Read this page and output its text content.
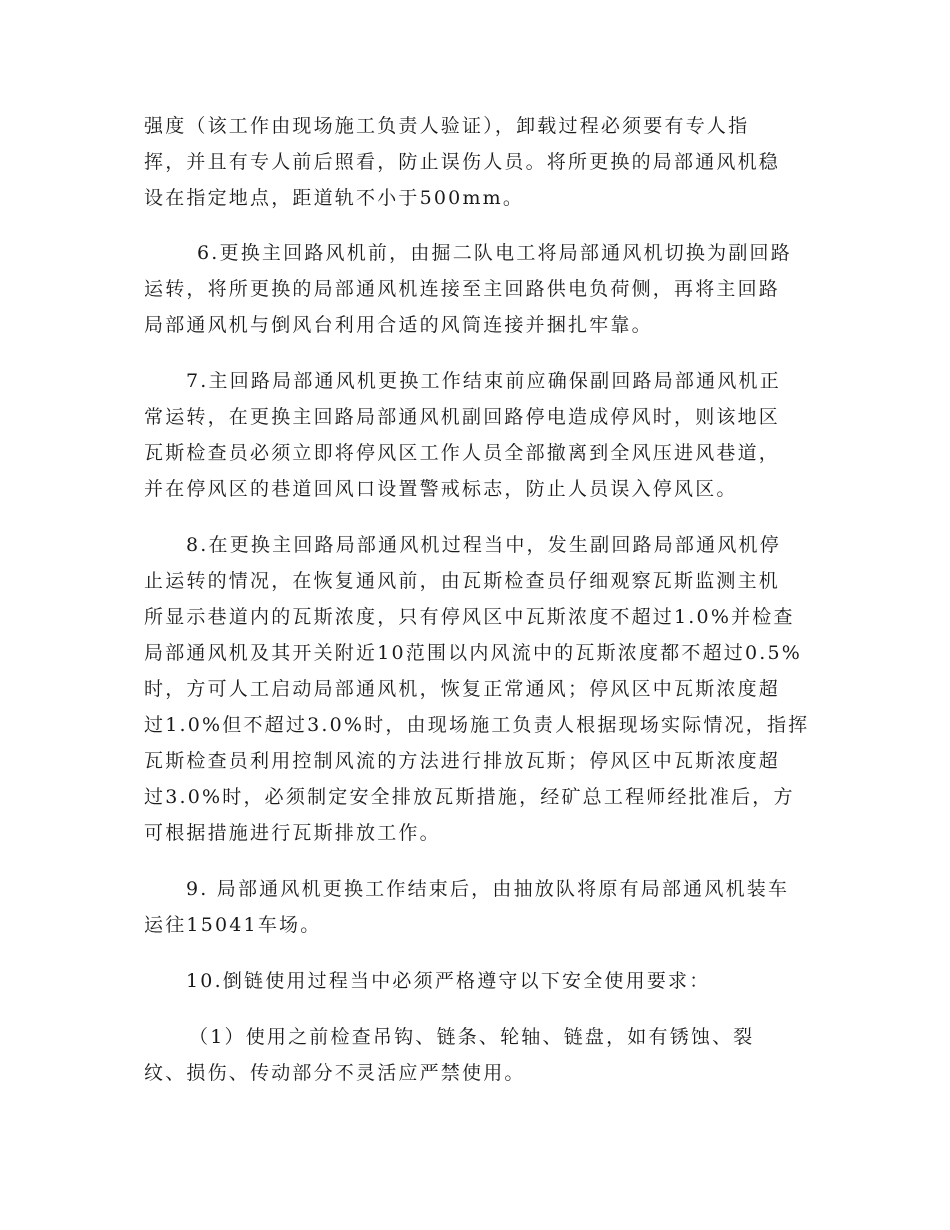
强度（该工作由现场施工负责人验证），卸载过程必须要有专人指
挥，并且有专人前后照看，防止误伤人员。将所更换的局部通风机稳
设在指定地点，距道轨不小于500mm。
6.更换主回路风机前，由掘二队电工将局部通风机切换为副回路
运转，将所更换的局部通风机连接至主回路供电负荷侧，再将主回路
局部通风机与倒风台利用合适的风筒连接并捆扎牢靠。
7.主回路局部通风机更换工作结束前应确保副回路局部通风机正
常运转，在更换主回路局部通风机副回路停电造成停风时，则该地区
瓦斯检查员必须立即将停风区工作人员全部撤离到全风压进风巷道，
并在停风区的巷道回风口设置警戒标志，防止人员误入停风区。
8.在更换主回路局部通风机过程当中，发生副回路局部通风机停
止运转的情况，在恢复通风前，由瓦斯检查员仔细观察瓦斯监测主机
所显示巷道内的瓦斯浓度，只有停风区中瓦斯浓度不超过1.0%并检查
局部通风机及其开关附近10范围以内风流中的瓦斯浓度都不超过0.5%
时，方可人工启动局部通风机，恢复正常通风；停风区中瓦斯浓度超
过1.0%但不超过3.0%时，由现场施工负责人根据现场实际情况，指挥
瓦斯检查员利用控制风流的方法进行排放瓦斯；停风区中瓦斯浓度超
过3.0%时，必须制定安全排放瓦斯措施，经矿总工程师经批准后，方
可根据措施进行瓦斯排放工作。
9. 局部通风机更换工作结束后，由抽放队将原有局部通风机装车
运往15041车场。
10.倒链使用过程当中必须严格遵守以下安全使用要求：
（1）使用之前检查吊钩、链条、轮轴、链盘，如有锈蚀、裂
纹、损伤、传动部分不灵活应严禁使用。
